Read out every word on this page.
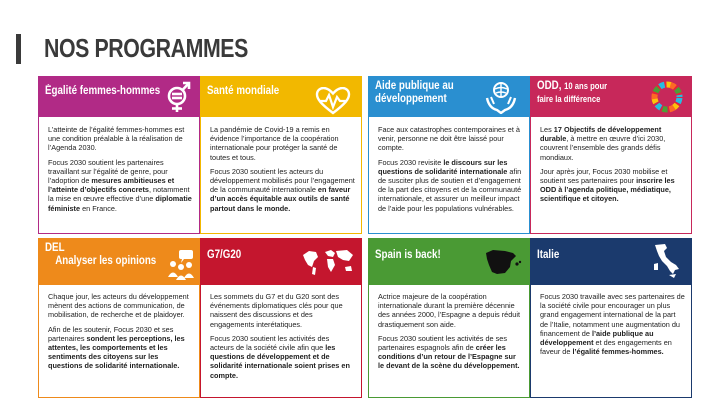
NOS PROGRAMMES
Égalité femmes-hommes

L’atteinte de l’égalité femmes-hommes est une condition préalable à la réalisation de l’Agenda 2030.

Focus 2030 soutient les partenaires travaillant sur l’égalité de genre, pour l’adoption de mesures ambitieuses et l’atteinte d’objectifs concrets, notamment la mise en œuvre effective d’une diplomatie féministe en France.

Santé mondiale

La pandémie de Covid-19 a remis en évidence l’importance de la coopération internationale pour protéger la santé de toutes et tous.

Focus 2030 soutient les acteurs du développement mobilisés pour l’engagement de la communauté internationale en faveur d’un accès équitable aux outils de santé partout dans le monde.

Aide publique au
développement

Face aux catastrophes contemporaines et à venir, personne ne doit être laissé pour compte.

Focus 2030 revisite le discours sur les questions de solidarité internationale afin de susciter plus de soutien et d’engagement de la part des citoyens et de la communauté internationale, et assurer un meilleur impact de l’aide pour les populations vulnérables.

ODD, 10 ans pour
faire la différence

Les 17 Objectifs de développement durable, à mettre en œuvre d’ici 2030, couvrent l’ensemble des grands défis mondiaux.

Jour après jour, Focus 2030 mobilise et soutient ses partenaires pour inscrire les ODD à l’agenda politique, médiatique, scientifique et citoyen.

DEL
Analyser les opinions

Chaque jour, les acteurs du développement mènent des actions de communication, de mobilisation, de recherche et de plaidoyer.

Afin de les soutenir, Focus 2030 et ses partenaires sondent les perceptions, les attentes, les comportements et les sentiments des citoyens sur les questions de solidarité internationale.

G7/G20

Les sommets du G7 et du G20 sont des événements diplomatiques clés pour que naissent des discussions et des engagements interétatiques.

Focus 2030 soutient les activités des acteurs de la société civile afin que les questions de développement et de solidarité internationale soient prises en compte.

Spain is back!

Actrice majeure de la coopération internationale durant la première décennie des années 2000, l’Espagne a depuis réduit drastiquement son aide.

Focus 2030 soutient les activités de ses partenaires espagnols afin de créer les conditions d’un retour de l’Espagne sur le devant de la scène du développement.

Italie

Focus 2030 travaille avec ses partenaires de la société civile pour encourager un plus grand engagement international de la part de l’Italie, notamment une augmentation du financement de l’aide publique au développement et des engagements en faveur de l’égalité femmes-hommes.
